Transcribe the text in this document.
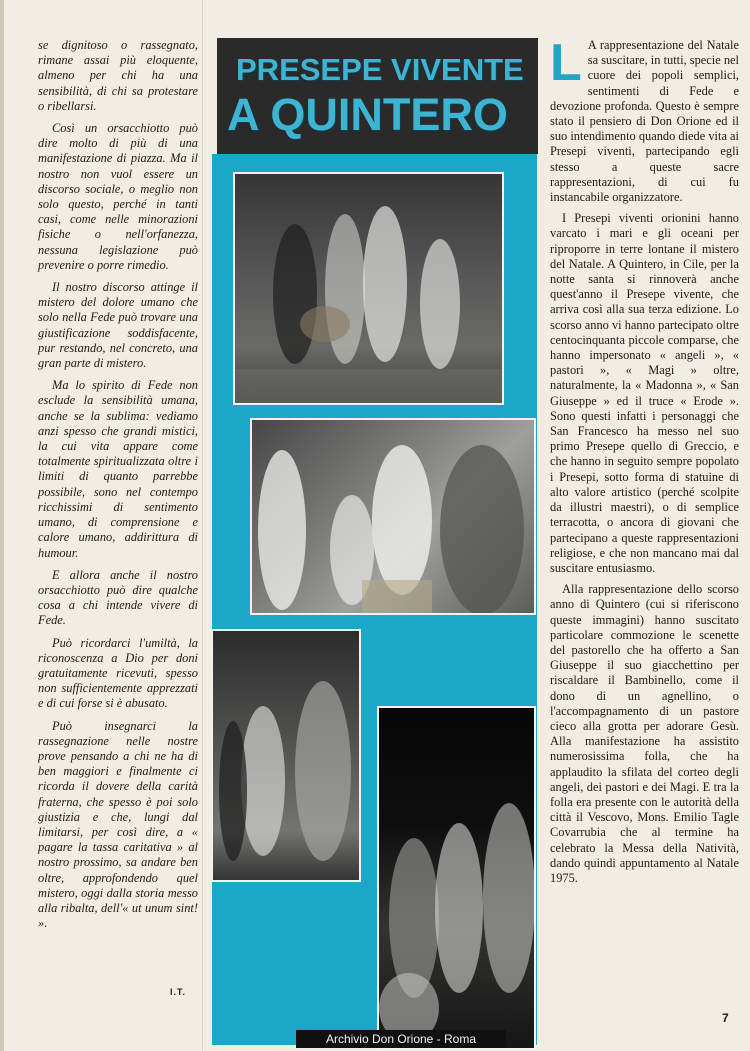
se dignitoso o rassegnato, rimane assai più eloquente, almeno per chi ha una sensibilità, di chi sa protestare o ribellarsi.

Così un orsacchiotto può dire molto di più di una manifestazione di piazza. Ma il nostro non vuol essere un discorso sociale, o meglio non solo questo, perché in tanti casi, come nelle minorazioni fisiche o nell'orfanezza, nessuna legislazione può prevenire o porre rimedio.

Il nostro discorso attinge il mistero del dolore umano che solo nella Fede può trovare una giustificazione soddisfacente, pur restando, nel concreto, una gran parte di mistero.

Ma lo spirito di Fede non esclude la sensibilità umana, anche se la sublima: vediamo anzi spesso che grandi mistici, la cui vita appare come totalmente spiritualizzata oltre i limiti di quanto parrebbe possibile, sono nel contempo ricchissimi di sentimento umano, di comprensione e calore umano, addirittura di humour.

E allora anche il nostro orsacchiotto può dire qualche cosa a chi intende vivere di Fede.

Può ricordarci l'umiltà, la riconoscenza a Dio per doni gratuitamente ricevuti, spesso non sufficientemente apprezzati e di cui forse si è abusato.

Può insegnarci la rassegnazione nelle nostre prove pensando a chi ne ha di ben maggiori e finalmente ci ricorda il dovere della carità fraterna, che spesso è poi solo giustizia e che, lungi dal limitarsi, per così dire, a « pagare la tassa caritativa » al nostro prossimo, sa andare ben oltre, approfondendo quel mistero, oggi dalla storia messo alla ribalta, dell'« ut unum sint! ».

I.T.
PRESEPE VIVENTE
A QUINTERO

L A rappresentazione del Natale sa suscitare, in tutti, specie nel cuore dei popoli semplici, sentimenti di Fede e devozione profonda. Questo è sempre stato il pensiero di Don Orione ed il suo intendimento quando diede vita ai Presepi viventi, partecipando egli stesso a queste sacre rappresentazioni, di cui fu instancabile organizzatore.

I Presepi viventi orionini hanno varcato i mari e gli oceani per riproporre in terre lontane il mistero del Natale. A Quintero, in Cile, per la notte santa si rinnoverà anche quest'anno il Presepe vivente, che arriva così alla sua terza edizione. Lo scorso anno vi hanno partecipato oltre centocinquanta piccole comparse, che hanno impersonato « angeli », « pastori », « Magi » oltre, naturalmente, la « Madonna », « San Giuseppe » ed il truce « Erode ». Sono questi infatti i personaggi che San Francesco ha messo nel suo primo Presepe quello di Greccio, e che hanno in seguito sempre popolato i Presepi, sotto forma di statuine di alto valore artistico (perché scolpite da illustri maestri), o di semplice terracotta, o ancora di giovani che partecipano a queste rappresentazioni religiose, e che non mancano mai dal suscitare entusiasmo.

Alla rappresentazione dello scorso anno di Quintero (cui si riferiscono queste immagini) hanno suscitato particolare commozione le scenette del pastorello che ha offerto a San Giuseppe il suo giacchettino per riscaldare il Bambinello, come il dono di un agnellino, o l'accompagnamento di un pastore cieco alla grotta per adorare Gesù. Alla manifestazione ha assistito numerosissima folla, che ha applaudito la sfilata del corteo degli angeli, dei pastori e dei Magi. E tra la folla era presente con le autorità della città il Vescovo, Mons. Emilio Tagle Covarrubia che al termine ha celebrato la Messa della Natività, dando quindi appuntamento al Natale 1975.

7
Archivio Don Orione - Roma
